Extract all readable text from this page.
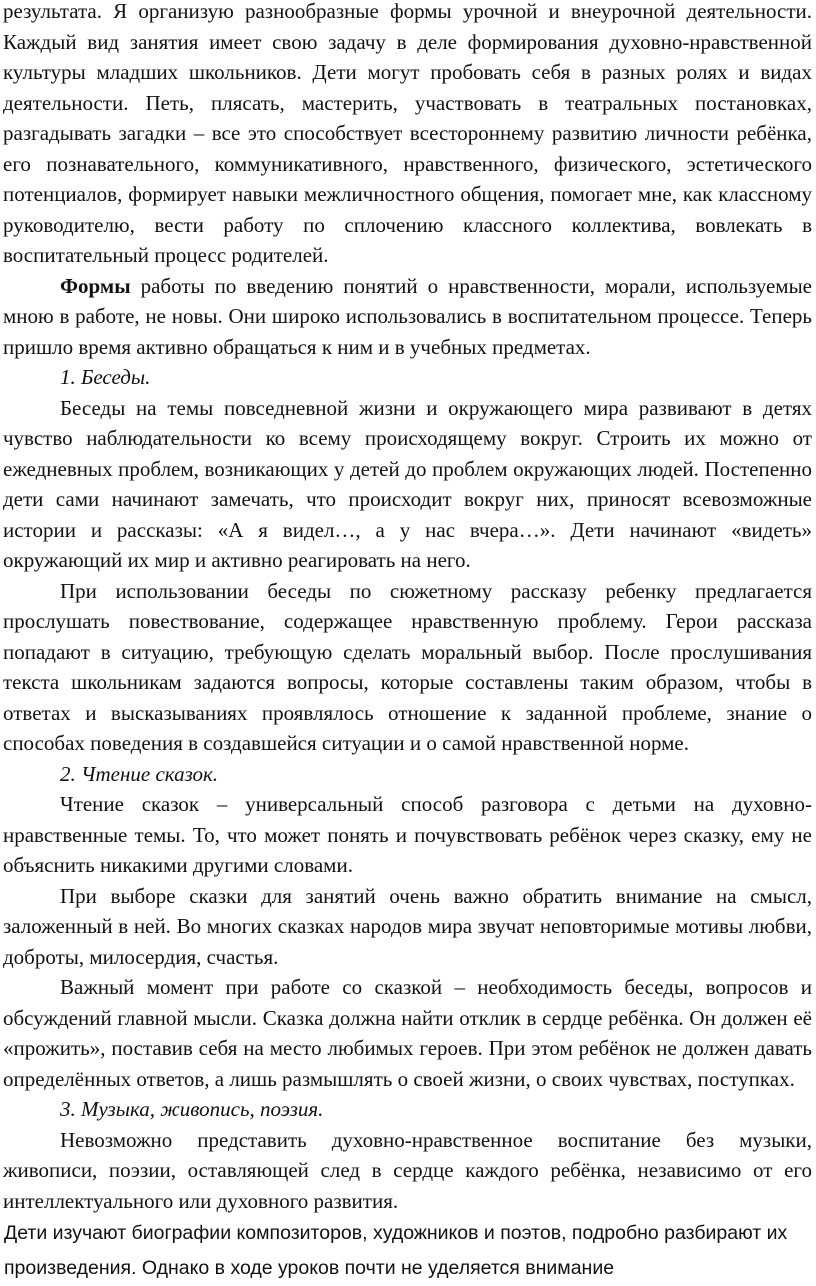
результата. Я организую разнообразные формы урочной и внеурочной деятельности. Каждый вид занятия имеет свою задачу в деле формирования духовно-нравственной культуры младших школьников. Дети могут пробовать себя в разных ролях и видах деятельности. Петь, плясать, мастерить, участвовать в театральных постановках, разгадывать загадки – все это способствует всестороннему развитию личности ребёнка, его познавательного, коммуникативного, нравственного, физического, эстетического потенциалов, формирует навыки межличностного общения, помогает мне, как классному руководителю, вести работу по сплочению классного коллектива, вовлекать в воспитательный процесс родителей.

Формы работы по введению понятий о нравственности, морали, используемые мною в работе, не новы. Они широко использовались в воспитательном процессе. Теперь пришло время активно обращаться к ним и в учебных предметах.

1. Беседы.

Беседы на темы повседневной жизни и окружающего мира развивают в детях чувство наблюдательности ко всему происходящему вокруг. Строить их можно от ежедневных проблем, возникающих у детей до проблем окружающих людей. Постепенно дети сами начинают замечать, что происходит вокруг них, приносят всевозможные истории и рассказы: «А я видел…, а у нас вчера…». Дети начинают «видеть» окружающий их мир и активно реагировать на него.

При использовании беседы по сюжетному рассказу ребенку предлагается прослушать повествование, содержащее нравственную проблему. Герои рассказа попадают в ситуацию, требующую сделать моральный выбор. После прослушивания текста школьникам задаются вопросы, которые составлены таким образом, чтобы в ответах и высказываниях проявлялось отношение к заданной проблеме, знание о способах поведения в создавшейся ситуации и о самой нравственной норме.

2. Чтение сказок.

Чтение сказок – универсальный способ разговора с детьми на духовно-нравственные темы. То, что может понять и почувствовать ребёнок через сказку, ему не объяснить никакими другими словами.

При выборе сказки для занятий очень важно обратить внимание на смысл, заложенный в ней. Во многих сказках народов мира звучат неповторимые мотивы любви, доброты, милосердия, счастья.

Важный момент при работе со сказкой – необходимость беседы, вопросов и обсуждений главной мысли. Сказка должна найти отклик в сердце ребёнка. Он должен её «прожить», поставив себя на место любимых героев. При этом ребёнок не должен давать определённых ответов, а лишь размышлять о своей жизни, о своих чувствах, поступках.

3. Музыка, живопись, поэзия.

Невозможно представить духовно-нравственное воспитание без музыки, живописи, поэзии, оставляющей след в сердце каждого ребёнка, независимо от его интеллектуального или духовного развития.

Дети изучают биографии композиторов, художников и поэтов, подробно разбирают их произведения. Однако в ходе уроков почти не уделяется внимание
